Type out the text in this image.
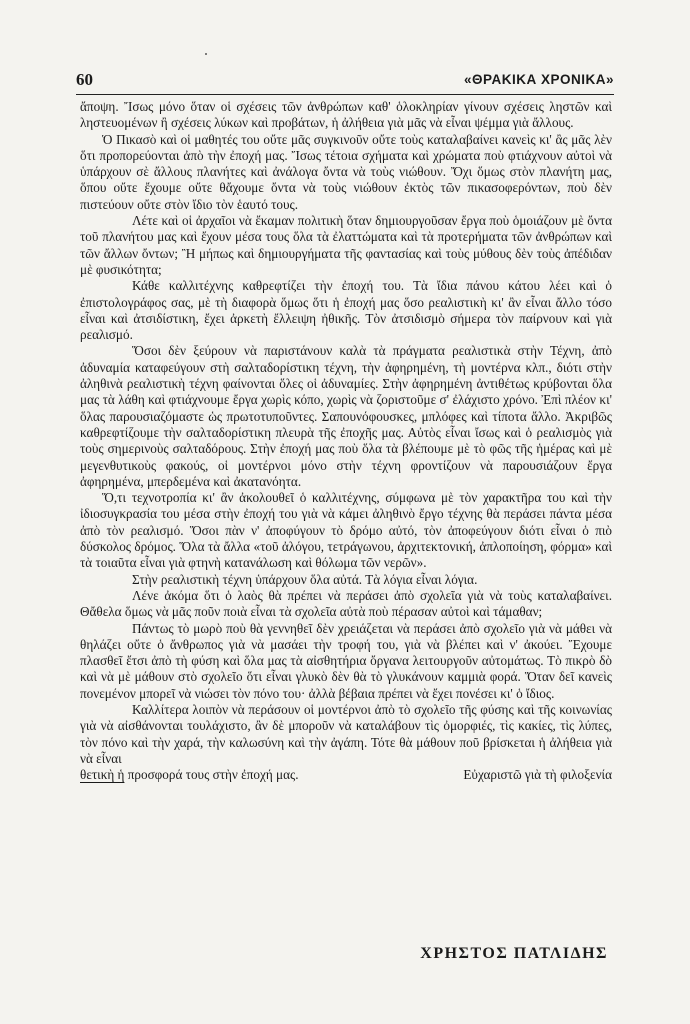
60	«ΘΡΑΚΙΚΑ ΧΡΟΝΙΚΑ»

ἄποψη. Ἴσως μόνο ὅταν οἱ σχέσεις τῶν ἀνθρώπων καθ' ὁλοκληρίαν γίνουν σχέσεις ληστῶν καὶ ληστευομένων ἢ σχέσεις λύκων καὶ προβάτων, ἡ ἀλήθεια γιὰ μᾶς νὰ εἶναι ψέμμα γιὰ ἄλλους.

Ὁ Πικασὸ καὶ οἱ μαθητές του οὔτε μᾶς συγκινοῦν οὔτε τοὺς καταλαβαίνει κανεὶς κι' ἂς μᾶς λὲν ὅτι προπορεύονται ἀπὸ τὴν ἐποχή μας. Ἴσως τέτοια σχήματα καὶ χρώματα ποὺ φτιάχνουν αὐτοὶ νὰ ὑπάρχουν σὲ ἄλλους πλανήτες καὶ ἀνάλογα ὄντα νὰ τοὺς νιώθουν. Ὄχι ὅμως στὸν πλανήτη μας, ὅπου οὔτε ἔχουμε οὔτε θἄχουμε ὄντα νὰ τοὺς νιώθουν ἐκτὸς τῶν πικασοφερόντων, ποὺ δὲν πιστεύουν οὔτε στὸν ἴδιο τὸν ἑαυτό τους.

Λέτε καὶ οἱ ἀρχαῖοι νὰ ἔκαμαν πολιτικὴ ὅταν δημιουργοῦσαν ἔργα ποὺ ὁμοιάζουν μὲ ὄντα τοῦ πλανήτου μας καὶ ἔχουν μέσα τους ὅλα τὰ ἐλαττώματα καὶ τὰ προτερήματα τῶν ἀνθρώπων καὶ τῶν ἄλλων ὄντων; Ἢ μήπως καὶ δημιουργήματα τῆς φαντασίας καὶ τοὺς μύθους δὲν τοὺς ἀπέδιδαν μὲ φυσικότητα;

Κάθε καλλιτέχνης καθρεφτίζει τὴν ἐποχή του. Τὰ ἴδια πάνου κάτου λέει καὶ ὁ ἐπιστολογράφος σας, μὲ τὴ διαφορὰ ὅμως ὅτι ἡ ἐποχή μας ὅσο ρεαλιστικὴ κι' ἂν εἶναι ἄλλο τόσο εἶναι καὶ ἀτσιδίστικη, ἔχει ἀρκετὴ ἔλλειψη ἠθικῆς. Τὸν ἀτσιδισμὸ σήμερα τὸν παίρνουν καὶ γιὰ ρεαλισμό.

Ὅσοι δὲν ξεύρουν νὰ παριστάνουν καλὰ τὰ πράγματα ρεαλιστικὰ στὴν Τέχνη, ἀπὸ ἀδυναμία καταφεύγουν στὴ σαλταδορίστικη τέχνη, τὴν ἀφηρημένη, τὴ μοντέρνα κλπ., διότι στὴν ἀληθινὰ ρεαλιστικὴ τέχνη φαίνονται ὅλες οἱ ἀδυναμίες. Στὴν ἀφηρημένη ἀντιθέτως κρύβονται ὅλα μας τὰ λάθη καὶ φτιάχνουμε ἔργα χωρὶς κόπο, χωρὶς νὰ ζοριστοῦμε σ' ἐλάχιστο χρόνο. Ἐπὶ πλέον κι' ὅλας παρουσιαζόμαστε ὡς πρωτοτυποῦντες. Σαπουνόφουσκες, μπλόφες καὶ τίποτα ἄλλο. Ἀκριβῶς καθρεφτίζουμε τὴν σαλταδορίστικη πλευρὰ τῆς ἐποχῆς μας. Αὐτὸς εἶναι ἴσως καὶ ὁ ρεαλισμὸς γιὰ τοὺς σημερινοὺς σαλταδόρους. Στὴν ἐποχή μας ποὺ ὅλα τὰ βλέπουμε μὲ τὸ φῶς τῆς ἡμέρας καὶ μὲ μεγενθυτικοὺς φακούς, οἱ μοντέρνοι μόνο στὴν τέχνη φροντίζουν νὰ παρουσιάζουν ἔργα ἀφηρημένα, μπερδεμένα καὶ ἀκατανόητα.

Ὅ,τι τεχνοτροπία κι' ἂν ἀκολουθεῖ ὁ καλλιτέχνης, σύμφωνα μὲ τὸν χαρακτῆρα του καὶ τὴν ἰδιοσυγκρασία του μέσα στὴν ἐποχή του γιὰ νὰ κάμει ἀληθινὸ ἔργο τέχνης θὰ περάσει πάντα μέσα ἀπὸ τὸν ρεαλισμό. Ὅσοι πὰν ν' ἀποφύγουν τὸ δρόμο αὐτό, τὸν ἀποφεύγουν διότι εἶναι ὁ πιὸ δύσκολος δρόμος. Ὅλα τὰ ἄλλα «τοῦ ἀλόγου, τετράγωνου, ἀρχιτεκτονική, ἀπλοποίηση, φόρμα» καὶ τὰ τοιαῦτα εἶναι γιὰ φτηνὴ κατανάλωση καὶ θόλωμα τῶν νερῶν».

Στὴν ρεαλιστικὴ τέχνη ὑπάρχουν ὅλα αὐτά. Τὰ λόγια εἶναι λόγια.

Λένε ἀκόμα ὅτι ὁ λαὸς θὰ πρέπει νὰ περάσει ἀπὸ σχολεῖα γιὰ νὰ τοὺς καταλαβαίνει. Θἄθελα ὅμως νὰ μᾶς ποῦν ποιὰ εἶναι τὰ σχολεῖα αὐτὰ ποὺ πέρασαν αὐτοὶ καὶ τάμαθαν;

Πάντως τὸ μωρὸ ποὺ θὰ γεννηθεῖ δὲν χρειάζεται νὰ περάσει ἀπὸ σχολεῖο γιὰ νὰ μάθει νὰ θηλάζει οὔτε ὁ ἄνθρωπος γιὰ νὰ μασάει τὴν τροφή του, γιὰ νὰ βλέπει καὶ ν' ἀκούει. Ἔχουμε πλασθεῖ ἔτσι ἀπὸ τὴ φύση καὶ ὅλα μας τὰ αἰσθητήρια ὄργανα λειτουργοῦν αὐτομάτως. Τὸ πικρὸ δὸ καὶ νὰ μὲ μάθουν στὸ σχολεῖο ὅτι εἶναι γλυκὸ δὲν θὰ τὸ γλυκάνουν καμμιὰ φορά. Ὅταν δεῖ κανεὶς πονεμένον μπορεῖ νὰ νιώσει τὸν πόνο του· ἀλλὰ βέβαια πρέπει νὰ ἔχει πονέσει κι' ὁ ἴδιος.

Καλλίτερα λοιπὸν νὰ περάσουν οἱ μοντέρνοι ἀπὸ τὸ σχολεῖο τῆς φύσης καὶ τῆς κοινωνίας γιὰ νὰ αἰσθάνονται τουλάχιστο, ἂν δὲ μποροῦν νὰ καταλάβουν τὶς ὀμορφιές, τὶς κακίες, τὶς λύπες, τὸν πόνο καὶ τὴν χαρά, τὴν καλωσύνη καὶ τὴν ἀγάπη. Τότε θὰ μάθουν ποῦ βρίσκεται ἡ ἀλήθεια γιὰ νὰ εἶναι

θετικὴ ἡ προσφορά τους στὴν ἐποχή μας.	Εὐχαριστῶ γιὰ τὴ φιλοξενία

ΧΡΗΣΤΟΣ ΠΑΤΛΙΔΗΣ
